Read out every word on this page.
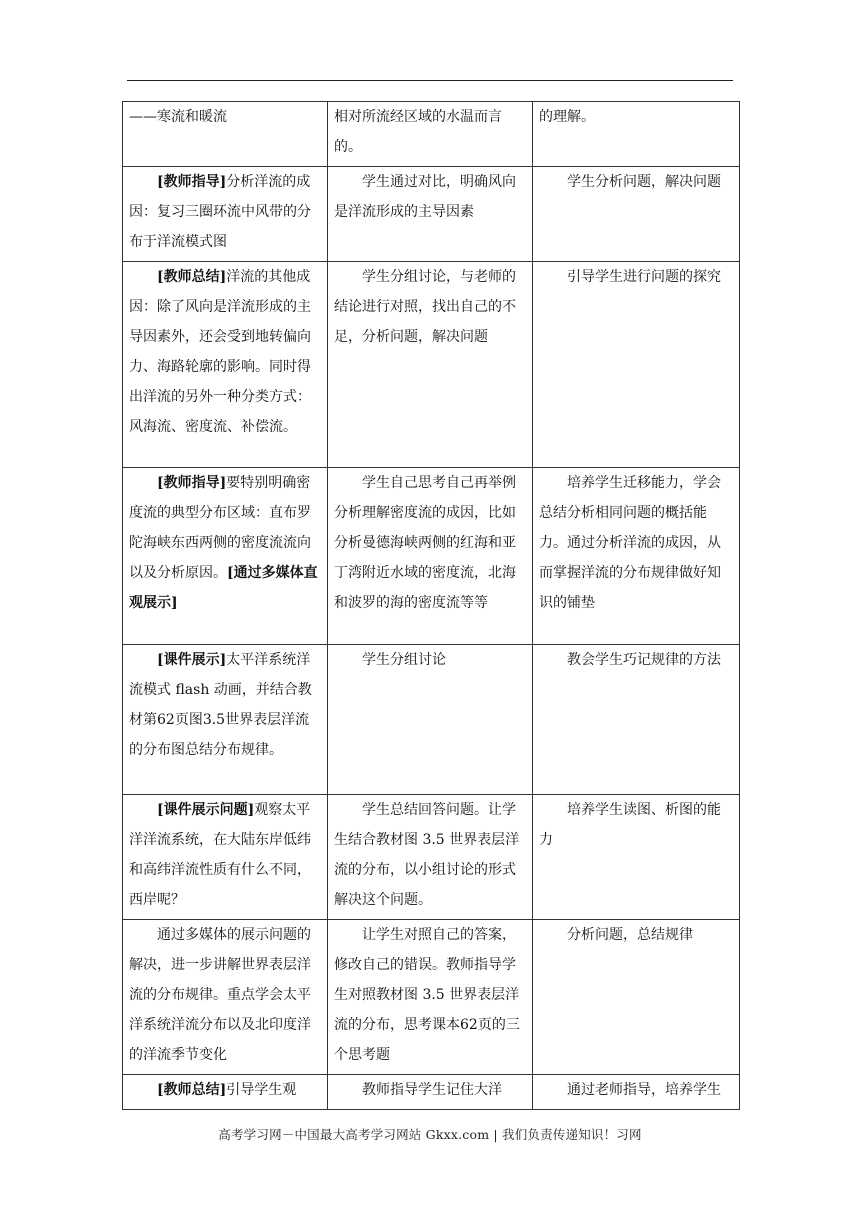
——寒流和暖流	相对所流经区域的水温而言的。	的理解。
[教师指导]分析洋流的成因：复习三圈环流中风带的分布于洋流模式图	学生通过对比，明确风向是洋流形成的主导因素	学生分析问题，解决问题
[教师总结]洋流的其他成因：除了风向是洋流形成的主导因素外，还会受到地转偏向力、海路轮廓的影响。同时得出洋流的另外一种分类方式：风海流、密度流、补偿流。	学生分组讨论，与老师的结论进行对照，找出自己的不足，分析问题，解决问题	引导学生进行问题的探究
[教师指导]要特别明确密度流的典型分布区域：直布罗陀海峡东西两侧的密度流流向以及分析原因。[通过多媒体直观展示]	学生自己思考自己再举例分析理解密度流的成因，比如分析曼德海峡两侧的红海和亚丁湾附近水域的密度流，北海和波罗的海的密度流等等	培养学生迁移能力，学会总结分析相同问题的概括能力。通过分析洋流的成因，从而掌握洋流的分布规律做好知识的铺垫
[课件展示]太平洋系统洋流模式 flash 动画，并结合教材第62页图3.5世界表层洋流的分布图总结分布规律。	学生分组讨论	教会学生巧记规律的方法
[课件展示问题]观察太平洋洋流系统，在大陆东岸低纬和高纬洋流性质有什么不同，西岸呢？	学生总结回答问题。让学生结合教材图 3.5 世界表层洋流的分布，以小组讨论的形式解决这个问题。	培养学生读图、析图的能力
通过多媒体的展示问题的解决，进一步讲解世界表层洋流的分布规律。重点学会太平洋系统洋流分布以及北印度洋的洋流季节变化	让学生对照自己的答案，修改自己的错误。教师指导学生对照教材图 3.5 世界表层洋流的分布，思考课本62页的三个思考题	分析问题，总结规律
[教师总结]引导学生观	教师指导学生记住大洋	通过老师指导，培养学生
高考学习网－中国最大高考学习网站 Gkxx.com | 我们负责传递知识！习网
